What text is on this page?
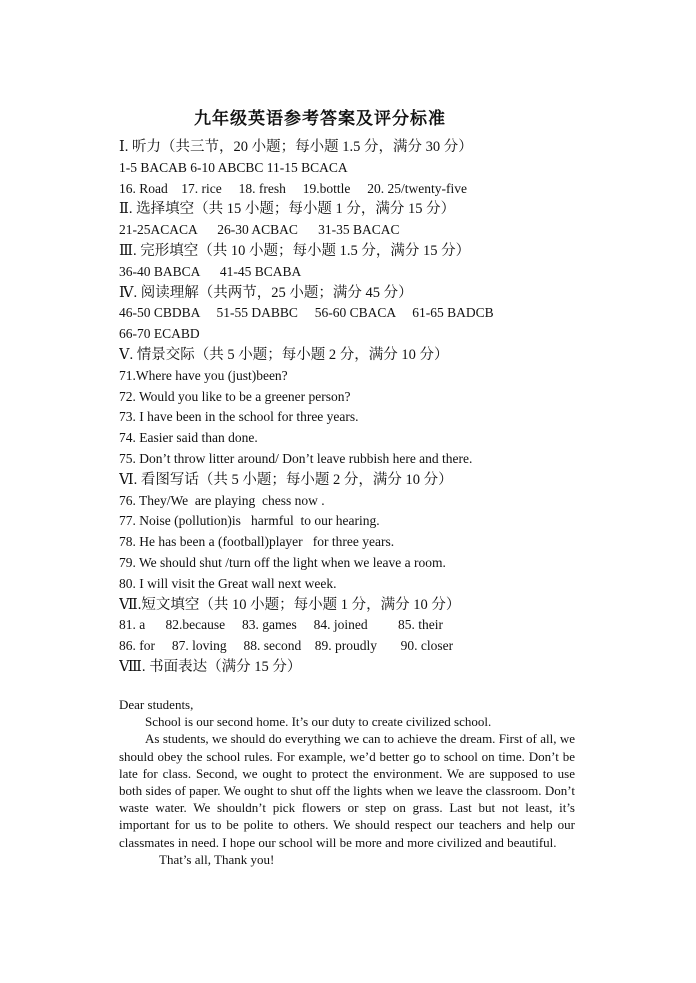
九年级英语参考答案及评分标准
Ⅰ. 听力（共三节，20 小题；每小题 1.5 分，满分 30 分）
1-5 BACAB 6-10 ABCBC 11-15 BCACA
16. Road    17. rice     18. fresh     19.bottle     20. 25/twenty-five
Ⅱ. 选择填空（共 15 小题；每小题 1 分，满分 15 分）
21-25ACACA      26-30 ACBAC      31-35 BACAC
Ⅲ. 完形填空（共 10 小题；每小题 1.5 分，满分 15 分）
36-40 BABCA      41-45 BCABA
Ⅳ. 阅读理解（共两节，25 小题；满分 45 分）
46-50 CBDBA     51-55 DABBC     56-60 CBACA     61-65 BADCB
66-70 ECABD
Ⅴ. 情景交际（共 5 小题；每小题 2 分，满分 10 分）
71.Where have you (just)been?
72. Would you like to be a greener person?
73. I have been in the school for three years.
74. Easier said than done.
75. Don’t throw litter around/ Don’t leave rubbish here and there.
Ⅵ. 看图写话（共 5 小题；每小题 2 分，满分 10 分）
76. They/We  are playing  chess now .
77. Noise (pollution)is   harmful  to our hearing.
78. He has been a (football)player   for three years.
79. We should shut /turn off the light when we leave a room.
80. I will visit the Great wall next week.
Ⅶ.短文填空（共 10 小题；每小题 1 分，满分 10 分）
81. a      82.because     83. games     84. joined         85. their
86. for     87. loving     88. second    89. proudly       90. closer
Ⅷ. 书面表达（满分 15 分）

Dear students,

School is our second home. It’s our duty to create civilized school.

As students, we should do everything we can to achieve the dream. First of all, we should obey the school rules. For example, we’d better go to school on time. Don’t be late for class. Second, we ought to protect the environment. We are supposed to use both sides of paper. We ought to shut off the lights when we leave the classroom. Don’t waste water. We shouldn’t pick flowers or step on grass. Last but not least, it’s important for us to be polite to others. We should respect our teachers and help our classmates in need. I hope our school will be more and more civilized and beautiful.

That’s all, Thank you!
